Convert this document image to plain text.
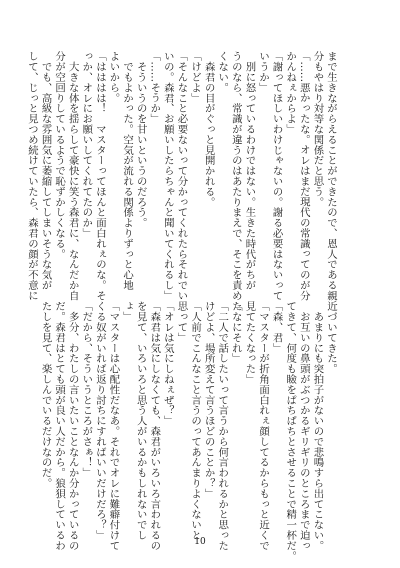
まで生きながらえることができたので、恩人である親
分もやはり対等な関係だと思う。
「……悪かったな。オレはまだ現代の常識ってのが分
かんねぇからよ」
「謝ってほしいわけじゃないの。謝る必要はないって
いうか」
　別に怒っているわけではない。生きた時代がちが
うのなら、常識が違うのはあたりまえで、そこを責めた
くない。
　森君の目がぐっと見開かれる。
「けどよ」
「そんなこと必要ないって分かってくれたらそれでい
いの。森君、お願いしたらちゃんと聞いてくれるし」
「……そうか」
　そういうのを甘いというのだろう。
　でもよかった。空気が流れる関係よりずっと心地
よいから。
「はははは！　マスターってほんと面白れぇのな。そ
っか、オレにお願いしてくれてたのか」
　大きな体を揺らして豪快に笑う森君に、なんだか自
分が空回りしているようで恥ずかしくなる。
　でも、高級な雰囲気に萎縮してしまいそうな気が
して、じっと見つめ続けていたら、森君の顔が不意に
近づいてきた。
　あまりにも突拍子がないので悲鳴すら出てこない。
　お互いの鼻頭がぶつかるギリギリのところまで迫っ
てきて、何度も瞼をぱちぱちとさせることで精一杯だ。
「森、君」
「マスターが折角面白れぇ顔してるからもっと近くで
見てたくなった」
「なにそれ」
「二人で話したいって言うから何言われるかと思った
けどよ、場所変えて言うほどのことか？」
「人前でこんなこと言うのってあんまりよくないと
思って」
「オレは気にしねぇぜ？」
「森君は気にしなくても、森君がいろいろ言われるの
を見て、いろいろと思う人がいるかもしれないでし
ょ」
「マスターは心配性だなあ。それでオレに難癖付けて
くる奴がいれば返り討ちにすればいいだけだろ？」
「だから、そういうところがさぁ！」
　多分、わたしの言いたいことなんか分かっているの
だ。森君はとても頭が良い人だから。狼狽しているわ
たしを見て、楽しんでいるだけなのだ。
10
